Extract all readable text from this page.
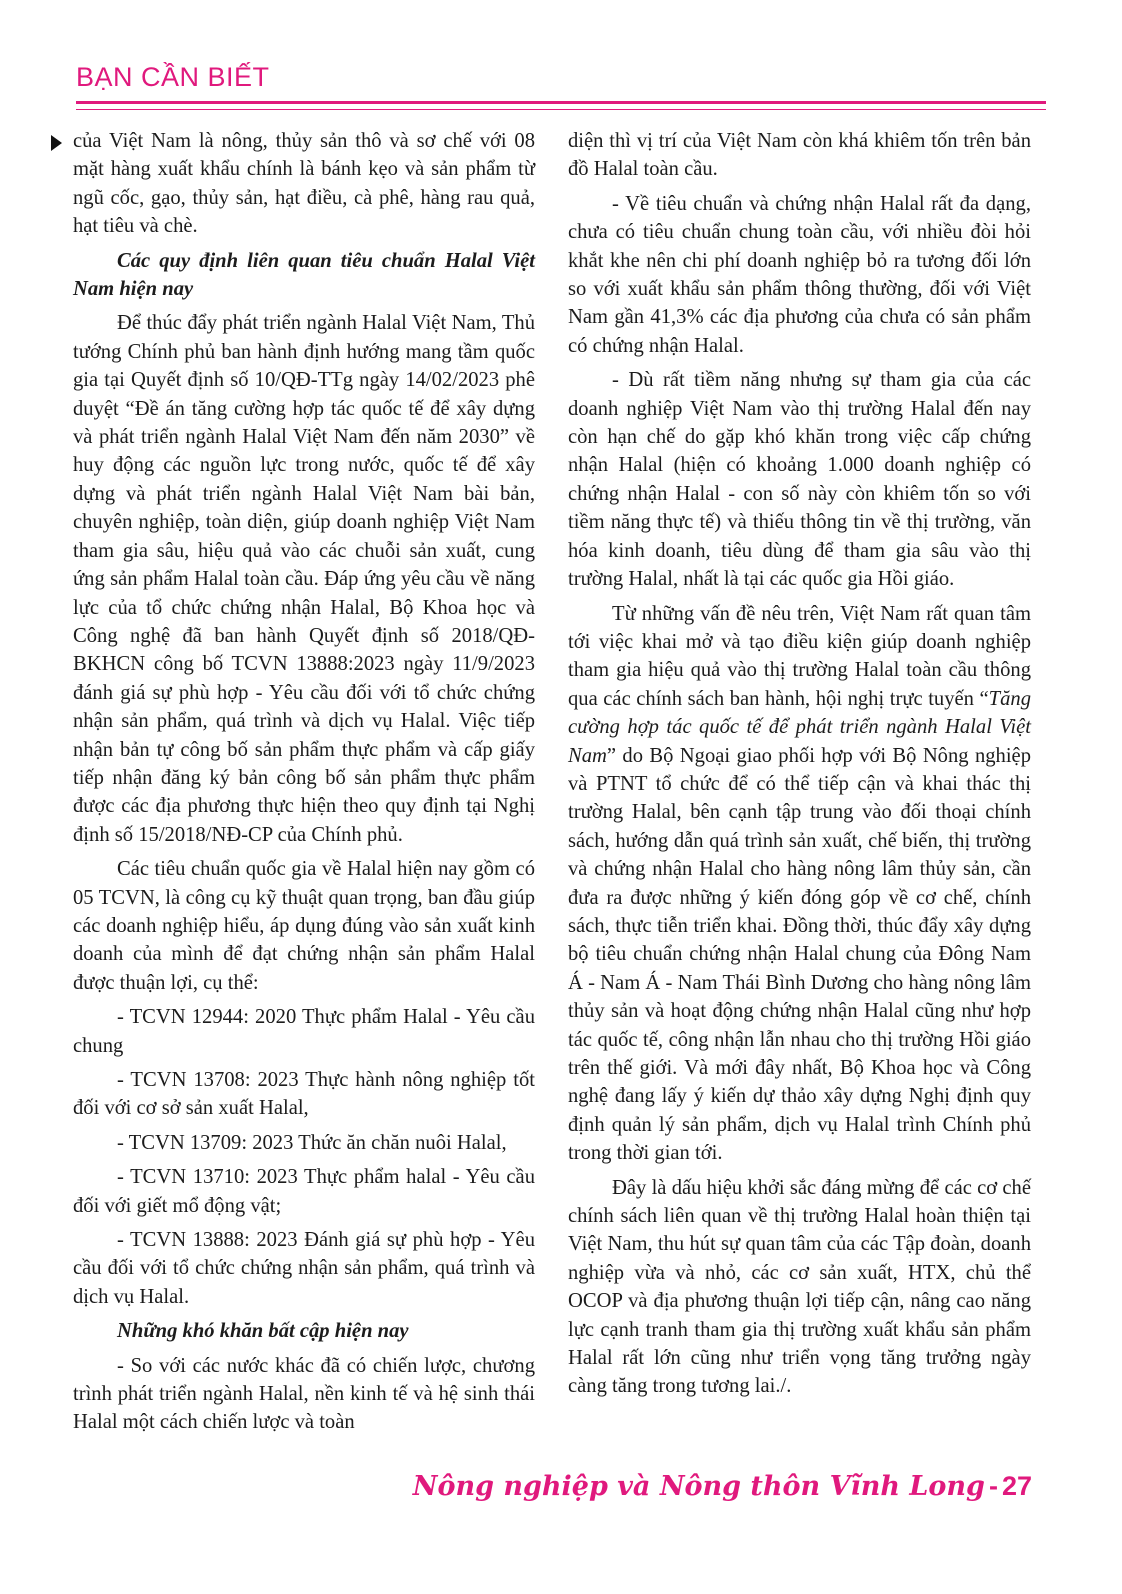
BẠN CẦN BIẾT

của Việt Nam là nông, thủy sản thô và sơ chế với 08 mặt hàng xuất khẩu chính là bánh kẹo và sản phẩm từ ngũ cốc, gạo, thủy sản, hạt điều, cà phê, hàng rau quả, hạt tiêu và chè.

Các quy định liên quan tiêu chuẩn Halal Việt Nam hiện nay

Để thúc đẩy phát triển ngành Halal Việt Nam, Thủ tướng Chính phủ ban hành định hướng mang tầm quốc gia tại Quyết định số 10/QĐ-TTg ngày 14/02/2023 phê duyệt “Đề án tăng cường hợp tác quốc tế để xây dựng và phát triển ngành Halal Việt Nam đến năm 2030” về huy động các nguồn lực trong nước, quốc tế để xây dựng và phát triển ngành Halal Việt Nam bài bản, chuyên nghiệp, toàn diện, giúp doanh nghiệp Việt Nam tham gia sâu, hiệu quả vào các chuỗi sản xuất, cung ứng sản phẩm Halal toàn cầu. Đáp ứng yêu cầu về năng lực của tổ chức chứng nhận Halal, Bộ Khoa học và Công nghệ đã ban hành Quyết định số 2018/QĐ- BKHCN công bố TCVN 13888:2023 ngày 11/9/2023 đánh giá sự phù hợp - Yêu cầu đối với tổ chức chứng nhận sản phẩm, quá trình và dịch vụ Halal. Việc tiếp nhận bản tự công bố sản phẩm thực phẩm và cấp giấy tiếp nhận đăng ký bản công bố sản phẩm thực phẩm được các địa phương thực hiện theo quy định tại Nghị định số 15/2018/NĐ-CP của Chính phủ.

Các tiêu chuẩn quốc gia về Halal hiện nay gồm có 05 TCVN, là công cụ kỹ thuật quan trọng, ban đầu giúp các doanh nghiệp hiểu, áp dụng đúng vào sản xuất kinh doanh của mình để đạt chứng nhận sản phẩm Halal được thuận lợi, cụ thể:

- TCVN 12944: 2020 Thực phẩm Halal - Yêu cầu chung

- TCVN 13708: 2023 Thực hành nông nghiệp tốt đối với cơ sở sản xuất Halal,

- TCVN 13709: 2023 Thức ăn chăn nuôi Halal,

- TCVN 13710: 2023 Thực phẩm halal - Yêu cầu đối với giết mổ động vật;

- TCVN 13888: 2023 Đánh giá sự phù hợp - Yêu cầu đối với tổ chức chứng nhận sản phẩm, quá trình và dịch vụ Halal.

Những khó khăn bất cập hiện nay

- So với các nước khác đã có chiến lược, chương trình phát triển ngành Halal, nền kinh tế và hệ sinh thái Halal một cách chiến lược và toàn

diện thì vị trí của Việt Nam còn khá khiêm tốn trên bản đồ Halal toàn cầu.

- Về tiêu chuẩn và chứng nhận Halal rất đa dạng, chưa có tiêu chuẩn chung toàn cầu, với nhiều đòi hỏi khắt khe nên chi phí doanh nghiệp bỏ ra tương đối lớn so với xuất khẩu sản phẩm thông thường, đối với Việt Nam gần 41,3% các địa phương của chưa có sản phẩm có chứng nhận Halal.

- Dù rất tiềm năng nhưng sự tham gia của các doanh nghiệp Việt Nam vào thị trường Halal đến nay còn hạn chế do gặp khó khăn trong việc cấp chứng nhận Halal (hiện có khoảng 1.000 doanh nghiệp có chứng nhận Halal - con số này còn khiêm tốn so với tiềm năng thực tế) và thiếu thông tin về thị trường, văn hóa kinh doanh, tiêu dùng để tham gia sâu vào thị trường Halal, nhất là tại các quốc gia Hồi giáo.

Từ những vấn đề nêu trên, Việt Nam rất quan tâm tới việc khai mở và tạo điều kiện giúp doanh nghiệp tham gia hiệu quả vào thị trường Halal toàn cầu thông qua các chính sách ban hành, hội nghị trực tuyến “Tăng cường hợp tác quốc tế để phát triển ngành Halal Việt Nam” do Bộ Ngoại giao phối hợp với Bộ Nông nghiệp và PTNT tổ chức để có thể tiếp cận và khai thác thị trường Halal, bên cạnh tập trung vào đối thoại chính sách, hướng dẫn quá trình sản xuất, chế biến, thị trường và chứng nhận Halal cho hàng nông lâm thủy sản, cần đưa ra được những ý kiến đóng góp về cơ chế, chính sách, thực tiễn triển khai. Đồng thời, thúc đẩy xây dựng bộ tiêu chuẩn chứng nhận Halal chung của Đông Nam Á - Nam Á - Nam Thái Bình Dương cho hàng nông lâm thủy sản và hoạt động chứng nhận Halal cũng như hợp tác quốc tế, công nhận lẫn nhau cho thị trường Hồi giáo trên thế giới. Và mới đây nhất, Bộ Khoa học và Công nghệ đang lấy ý kiến dự thảo xây dựng Nghị định quy định quản lý sản phẩm, dịch vụ Halal trình Chính phủ trong thời gian tới.

Đây là dấu hiệu khởi sắc đáng mừng để các cơ chế chính sách liên quan về thị trường Halal hoàn thiện tại Việt Nam, thu hút sự quan tâm của các Tập đoàn, doanh nghiệp vừa và nhỏ, các cơ sản xuất, HTX, chủ thể OCOP và địa phương thuận lợi tiếp cận, nâng cao năng lực cạnh tranh tham gia thị trường xuất khẩu sản phẩm Halal rất lớn cũng như triển vọng tăng trưởng ngày càng tăng trong tương lai./.

Nông nghiệp và Nông thôn Vĩnh Long - 27
